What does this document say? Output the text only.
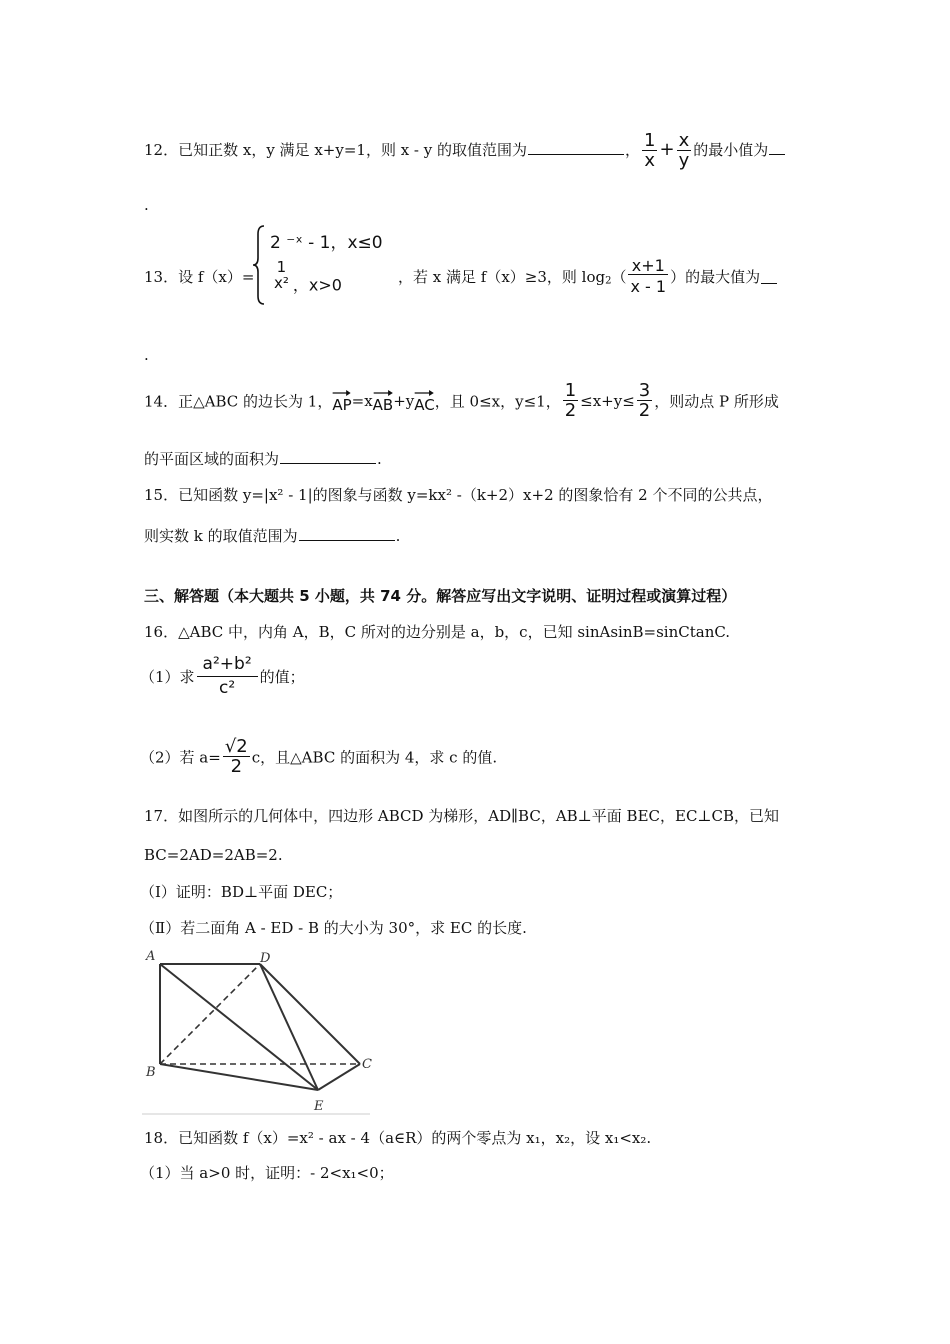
12．已知正数 x，y 满足 x+y=1，则 x - y 的取值范围为	， $\frac{1}{x} + \frac{x}{y}$ 的最小值为
.
13．设 f（x）=
2 ⁻ˣ - 1，x≤0
1
x² ，x>0	，若 x 满足 f（x）≥3，则 $\log_2( \frac{x+1}{x - 1}$ ）的最大值为
.
14．正△ABC 的边长为 1，
AP=x
AB+y
AC，且 0≤x，y≤1， $\frac{1}{2} \le x+y\le \frac{3}{2}$ ，则动点 P 所形成
的平面区域的面积为	.
15．已知函数 y=|x² - 1|的图象与函数 y=kx² -（k+2）x+2 的图象恰有 2 个不同的公共点，
则实数 k 的取值范围为	.
三、解答题（本大题共 5 小题，共 74 分。解答应写出文字说明、证明过程或演算过程）
16．△ABC 中，内角 A，B，C 所对的边分别是 a，b，c，已知 sinAsinB=sinCtanC.
（1）求 $\frac{\text{a²+b²}}{\text{c²}}$ 的值；
（2）若 $a= \frac{√2}{2}$ c，且△ABC 的面积为 4，求 c 的值.
17．如图所示的几何体中，四边形 ABCD 为梯形，AD∥BC，AB⊥平面 BEC，EC⊥CB，已知
BC=2AD=2AB=2.
（Ⅰ）证明：BD⊥平面 DEC；
（Ⅱ）若二面角 A - ED - B 的大小为 30°，求 EC 的长度.
A	D
B
C
E
18．已知函数 f（x）=x² - ax - 4（a∈R）的两个零点为 x₁，x₂，设 x₁<x₂.
（1）当 a>0 时，证明：- 2<x₁<0；
